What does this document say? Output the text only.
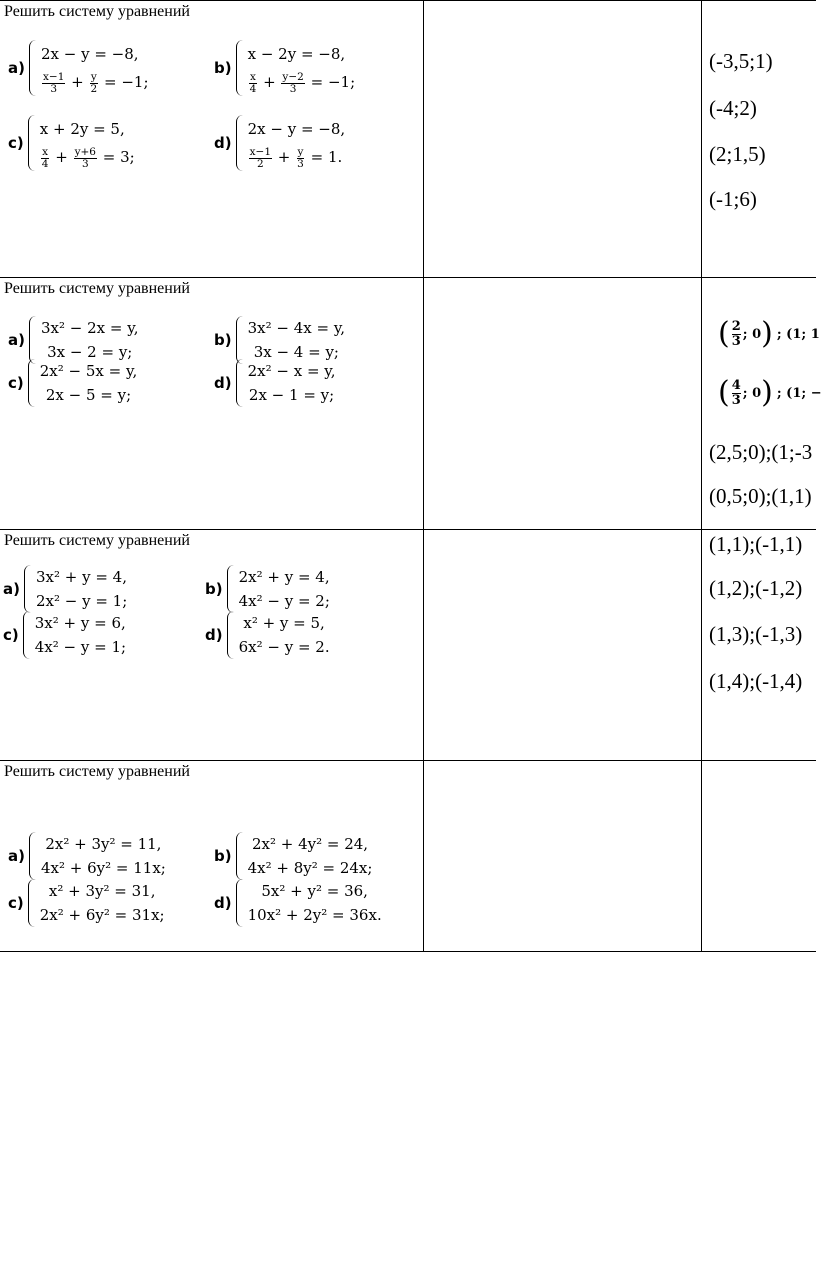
Решить систему уравнений
a)
2x − y = −8,
$\frac{x-1}{3} + \frac{y}{2} = -1$;
b)
x − 2y = −8,
$\frac{x}{4} + \frac{y-2}{3} = -1$;
c)
x + 2y = 5,
$\frac{x}{4} + \frac{y+6}{3} = 3$;
d)
2x − y = −8,
$\frac{x-1}{2} + \frac{y}{3} = 1$.
(-3,5;1)
(-4;2)
(2;1,5)
(-1;6)
Решить систему уравнений
a)
3x² − 2x = y,
3x − 2 = y;
b)
3x² − 4x = y,
3x − 4 = y;
c)
2x² − 5x = y,
2x − 5 = y;
d)
2x² − x = y,
2x − 1 = y;
( 2
3 ; 0 ) ; (1; 1
( 4
3 ; 0 ) ; (1; −
(2,5;0);(1;-3
(0,5;0);(1,1)
Решить систему уравнений
a)
3x² + y = 4,
2x² − y = 1;
b)
2x² + y = 4,
4x² − y = 2;
c)
3x² + y = 6,
4x² − y = 1;
d)
x² + y = 5,
6x² − y = 2.
(1,1);(-1,1)
(1,2);(-1,2)
(1,3);(-1,3)
(1,4);(-1,4)
Решить систему уравнений
a)
2x² + 3y² = 11,
4x² + 6y² = 11x;
b)
2x² + 4y² = 24,
4x² + 8y² = 24x;
c)
x² + 3y² = 31,
2x² + 6y² = 31x;
d)
5x² + y² = 36,
10x² + 2y² = 36x.
